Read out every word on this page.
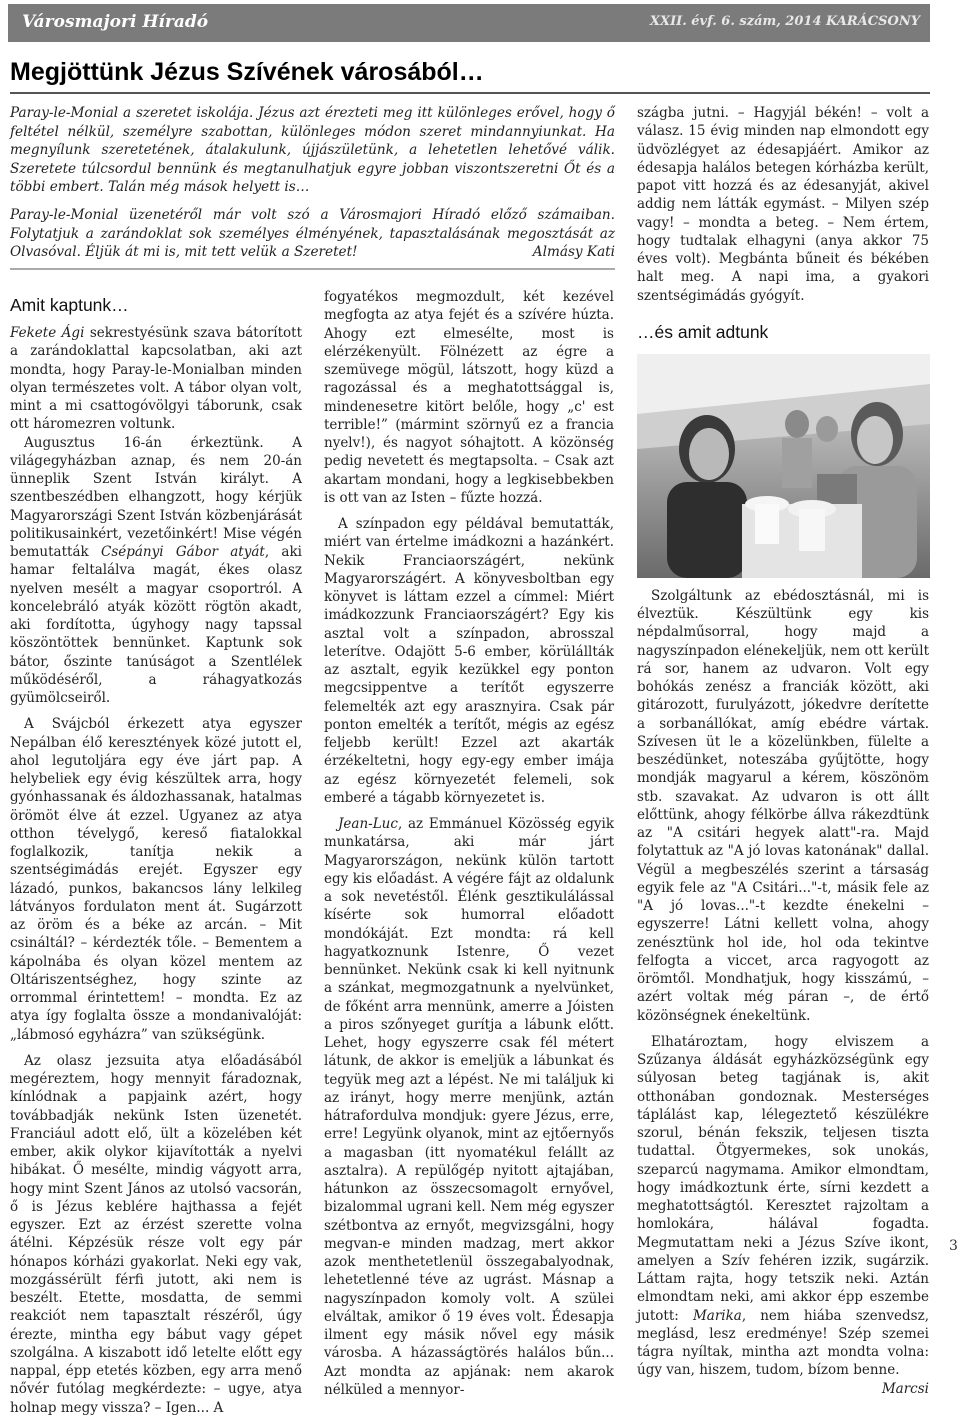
Városmajori Híradó	XXII. évf. 6. szám, 2014 KARÁCSONY
Megjöttünk Jézus Szívének városából…

Paray-le-Monial a szeretet iskolája. Jézus azt érezteti meg itt különleges erővel, hogy ő feltétel nélkül, személyre szabottan, különleges módon szeret mindannyiunkat. Ha megnyílunk szeretetének, átalakulunk, újjászületünk, a lehetetlen lehetővé válik. Szeretete túlcsordul bennünk és megtanulhatjuk egyre jobban viszontszeretni Őt és a többi embert. Talán még mások helyett is…

Paray-le-Monial üzenetéről már volt szó a Városmajori Híradó előző számaiban. Folytatjuk a zarándoklat sok személyes élményének, tapasztalásának megosztását az Olvasóval. Éljük át mi is, mit tett velük a Szeretet!	Almásy Kati

Amit kaptunk…

Fekete Ági sekrestyésünk szava bátorított a zarándoklattal kapcsolatban, aki azt mondta, hogy Paray-le-Monialban minden olyan természetes volt. A tábor olyan volt, mint a mi csattogóvölgyi táborunk, csak ott háromezren voltunk.

Augusztus 16-án érkeztünk. A világegyházban aznap, és nem 20-án ünneplik Szent István királyt. A szentbeszédben elhangzott, hogy kérjük Magyarországi Szent István közbenjárását politikusainkért, vezetőinkért! Mise végén bemutatták Csépányi Gábor atyát, aki hamar feltalálva magát, ékes olasz nyelven mesélt a magyar csoportról. A koncelebráló atyák között rögtön akadt, aki fordította, úgyhogy nagy tapssal köszöntöttek bennünket. Kaptunk sok bátor, őszinte tanúságot a Szentlélek működéséről, a ráhagyatkozás gyümölcseiről.

A Svájcból érkezett atya egyszer Nepálban élő keresztények közé jutott el, ahol legutoljára egy éve járt pap. A helybeliek egy évig készültek arra, hogy gyónhassanak és áldozhassanak, hatalmas örömöt élve át ezzel. Ugyanez az atya otthon tévelygő, kereső fiatalokkal foglalkozik, tanítja nekik a szentségimádás erejét. Egyszer egy lázadó, punkos, bakancsos lány lelkileg látványos fordulaton ment át. Sugárzott az öröm és a béke az arcán. – Mit csináltál? – kérdezték tőle. – Bementem a kápolnába és olyan közel mentem az Oltáriszentséghez, hogy szinte az orrommal érintettem! – mondta. Ez az atya így foglalta össze a mondanivalóját: „lábmosó egyházra” van szükségünk.

Az olasz jezsuita atya előadásából megéreztem, hogy mennyit fáradoznak, kínlódnak a papjaink azért, hogy továbbadják nekünk Isten üzenetét. Franciául adott elő, ült a közelében két ember, akik olykor kijavították a nyelvi hibákat. Ő mesélte, mindig vágyott arra, hogy mint Szent János az utolsó vacsorán, ő is Jézus keblére hajthassa a fejét egyszer. Ezt az érzést szerette volna átélni. Képzésük része volt egy pár hónapos kórházi gyakorlat. Neki egy vak, mozgássérült férfi jutott, aki nem is beszélt. Etette, mosdatta, de semmi reakciót nem tapasztalt részéről, úgy érezte, mintha egy bábut vagy gépet szolgálna. A kiszabott idő letelte előtt egy nappal, épp etetés közben, egy arra menő nővér futólag megkérdezte: – ugye, atya holnap megy vissza? – Igen... A

fogyatékos megmozdult, két kezével megfogta az atya fejét és a szívére húzta. Ahogy ezt elmesélte, most is elérzékenyült. Fölnézett az égre a szemüvege mögül, látszott, hogy küzd a ragozással és a meghatottsággal is, mindenesetre kitört belőle, hogy „c' est terrible!” (mármint szörnyű ez a francia nyelv!), és nagyot sóhajtott. A közönség pedig nevetett és megtapsolta. – Csak azt akartam mondani, hogy a legkisebbekben is ott van az Isten – fűzte hozzá.

A színpadon egy példával bemutatták, miért van értelme imádkozni a hazánkért. Nekik Franciaországért, nekünk Magyarországért. A könyvesboltban egy könyvet is láttam ezzel a címmel: Miért imádkozzunk Franciaországért? Egy kis asztal volt a színpadon, abrosszal leterítve. Odajött 5-6 ember, körülállták az asztalt, egyik kezükkel egy ponton megcsippentve a terítőt egyszerre felemelték azt egy arasznyira. Csak pár ponton emelték a terítőt, mégis az egész feljebb került! Ezzel azt akarták érzékeltetni, hogy egy-egy ember imája az egész környezetét felemeli, sok emberé a tágabb környezetet is.

Jean-Luc, az Emmánuel Közösség egyik munkatársa, aki már járt Magyarországon, nekünk külön tartott egy kis előadást. A végére fájt az oldalunk a sok nevetéstől. Élénk gesztikulálással kísérte sok humorral előadott mondókáját. Ezt mondta: rá kell hagyatkoznunk Istenre, Ő vezet bennünket. Nekünk csak ki kell nyitnunk a szánkat, megmozgatnunk a nyelvünket, de főként arra mennünk, amerre a Jóisten a piros szőnyeget gurítja a lábunk előtt. Lehet, hogy egyszerre csak fél métert látunk, de akkor is emeljük a lábunkat és tegyük meg azt a lépést. Ne mi találjuk ki az irányt, hogy merre menjünk, aztán hátrafordulva mondjuk: gyere Jézus, erre, erre! Legyünk olyanok, mint az ejtőernyős a magasban (itt nyomatékul felállt az asztalra). A repülőgép nyitott ajtajában, hátunkon az összecsomagolt ernyővel, bizalommal ugrani kell. Nem még egyszer szétbontva az ernyőt, megvizsgálni, hogy megvan-e minden madzag, mert akkor azok menthetetlenül összegabalyodnak, lehetetlenné téve az ugrást. Másnap a nagyszínpadon komoly volt. A szülei elváltak, amikor ő 19 éves volt. Édesapja ilment egy másik nővel egy másik városba. A házasságtörés halálos bűn... Azt mondta az apjának: nem akarok nélküled a mennyor-

szágba jutni. – Hagyjál békén! – volt a válasz. 15 évig minden nap elmondott egy üdvözlégyet az édesapjáért. Amikor az édesapja halálos betegen kórházba került, papot vitt hozzá és az édesanyját, akivel addig nem látták egymást. – Milyen szép vagy! – mondta a beteg. – Nem értem, hogy tudtalak elhagyni (anya akkor 75 éves volt). Megbánta bűneit és békében halt meg. A napi ima, a gyakori szentségimádás gyógyít.

…és amit adtunk

Szolgáltunk az ebédosztásnál, mi is élveztük. Készültünk egy kis népdalműsorral, hogy majd a nagyszínpadon elénekeljük, nem ott került rá sor, hanem az udvaron. Volt egy bohókás zenész a franciák között, aki gitározott, furulyázott, jókedvre derítette a sorbanállókat, amíg ebédre vártak. Szívesen üt le a közelünkben, fülelte a beszédünket, noteszába gyűjtötte, hogy mondják magyarul a kérem, köszönöm stb. szavakat. Az udvaron is ott állt előttünk, ahogy félkörbe állva rákezdtünk az "A csitári hegyek alatt"-ra. Majd folytattuk az "A jó lovas katonának" dallal. Végül a megbeszélés szerint a társaság egyik fele az "A Csitári..."-t, másik fele az "A jó lovas..."-t kezdte énekelni – egyszerre! Látni kellett volna, ahogy zenésztünk hol ide, hol oda tekintve felfogta a viccet, arca ragyogott az örömtől. Mondhatjuk, hogy kisszámú, – azért voltak még páran –, de értő közönségnek énekeltünk.

Elhatároztam, hogy elviszem a Szűzanya áldását egyházközségünk egy súlyosan beteg tagjának is, akit otthonában gondoznak. Mesterséges táplálást kap, lélegeztető készülékre szorul, bénán fekszik, teljesen tiszta tudattal. Ötgyermekes, sok unokás, szeparcú nagymama. Amikor elmondtam, hogy imádkoztunk érte, sírni kezdett a meghatottságtól. Keresztet rajzoltam a homlokára, hálával fogadta. Megmutattam neki a Jézus Szíve ikont, amelyen a Szív fehéren izzik, sugárzik. Láttam rajta, hogy tetszik neki. Aztán elmondtam neki, ami akkor épp eszembe jutott: Marika, nem hiába szenvedsz, meglásd, lesz eredménye! Szép szemei tágra nyíltak, mintha azt mondta volna: úgy van, hiszem, tudom, bízom benne.
Marcsi

3
